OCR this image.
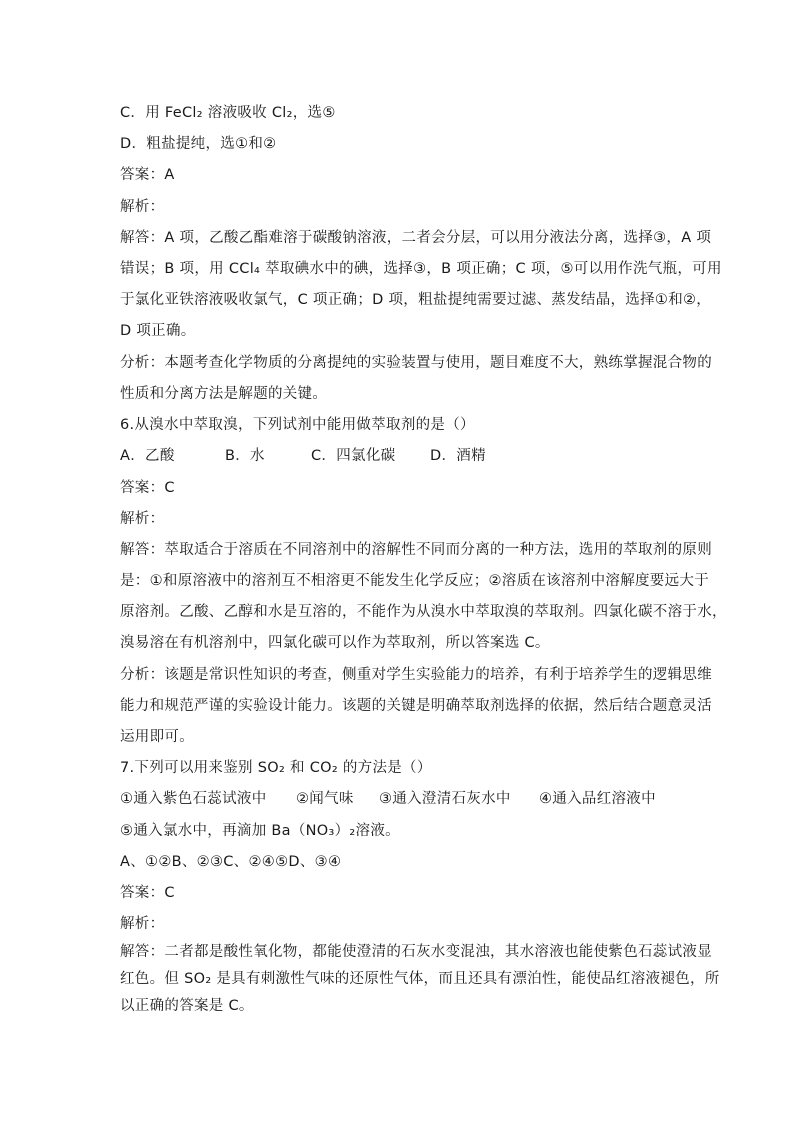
C．用 FeCl₂ 溶液吸收 Cl₂，选⑤
D．粗盐提纯，选①和②
答案：A
解析：
解答：A 项，乙酸乙酯难溶于碳酸钠溶液，二者会分层，可以用分液法分离，选择③，A 项
错误；B 项，用 CCl₄ 萃取碘水中的碘，选择③，B 项正确；C 项，⑤可以用作洗气瓶，可用
于氯化亚铁溶液吸收氯气，C 项正确；D 项，粗盐提纯需要过滤、蒸发结晶，选择①和②，
D 项正确。
分析：本题考查化学物质的分离提纯的实验装置与使用，题目难度不大，熟练掌握混合物的
性质和分离方法是解题的关键。
6.从溴水中萃取溴，下列试剂中能用做萃取剂的是（）
A．乙酸	B．水	C．四氯化碳 D．酒精
答案：C
解析：
解答：萃取适合于溶质在不同溶剂中的溶解性不同而分离的一种方法，选用的萃取剂的原则
是：①和原溶液中的溶剂互不相溶更不能发生化学反应；②溶质在该溶剂中溶解度要远大于
原溶剂。乙酸、乙醇和水是互溶的，不能作为从溴水中萃取溴的萃取剂。四氯化碳不溶于水，
溴易溶在有机溶剂中，四氯化碳可以作为萃取剂，所以答案选 C。
分析：该题是常识性知识的考查，侧重对学生实验能力的培养，有利于培养学生的逻辑思维
能力和规范严谨的实验设计能力。该题的关键是明确萃取剂选择的依据，然后结合题意灵活
运用即可。
7.下列可以用来鉴别 SO₂ 和 CO₂ 的方法是（）
①通入紫色石蕊试液中 ②闻气味 ③通入澄清石灰水中 ④通入品红溶液中
⑤通入氯水中，再滴加 Ba（NO₃）₂溶液。
A、①②B、②③C、②④⑤D、③④
答案：C
解析：
解答：二者都是酸性氧化物，都能使澄清的石灰水变混浊，其水溶液也能使紫色石蕊试液显
红色。但 SO₂ 是具有刺激性气味的还原性气体，而且还具有漂泊性，能使品红溶液褪色，所
以正确的答案是 C。
